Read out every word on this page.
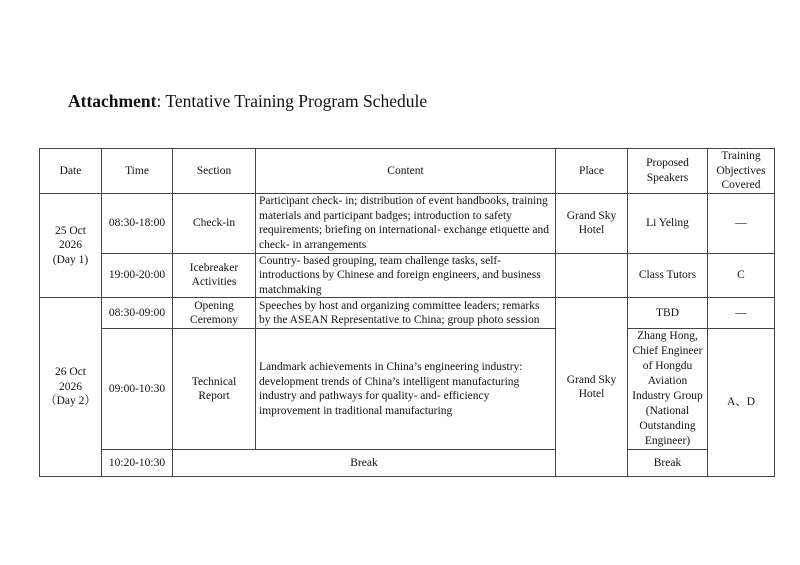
Attachment: Tentative Training Program Schedule
Date	Time	Section	Content	Place	Proposed Speakers	Training Objectives Covered

25 Oct 2026
(Day 1)	08:30-18:00	Check-in	Participant check- in; distribution of event handbooks, training materials and participant badges; introduction to safety requirements; briefing on international- exchange etiquette and check- in arrangements	Grand Sky Hotel	Li Yeling	—
	19:00-20:00	Icebreaker Activities	Country- based grouping, team challenge tasks, self- introductions by Chinese and foreign engineers, and business matchmaking		Class Tutors	C

26 Oct 2026
（Day 2）	08:30-09:00	Opening Ceremony	Speeches by host and organizing committee leaders; remarks by the ASEAN Representative to China; group photo session	Grand Sky Hotel	TBD	—
	09:00-10:30	Technical Report	Landmark achievements in China’s engineering industry: development trends of China’s intelligent manufacturing industry and pathways for quality- and- efficiency improvement in traditional manufacturing		Zhang Hong, Chief Engineer of Hongdu Aviation Industry Group (National Outstanding Engineer)	A、D
	10:20-10:30	Break			Break	
